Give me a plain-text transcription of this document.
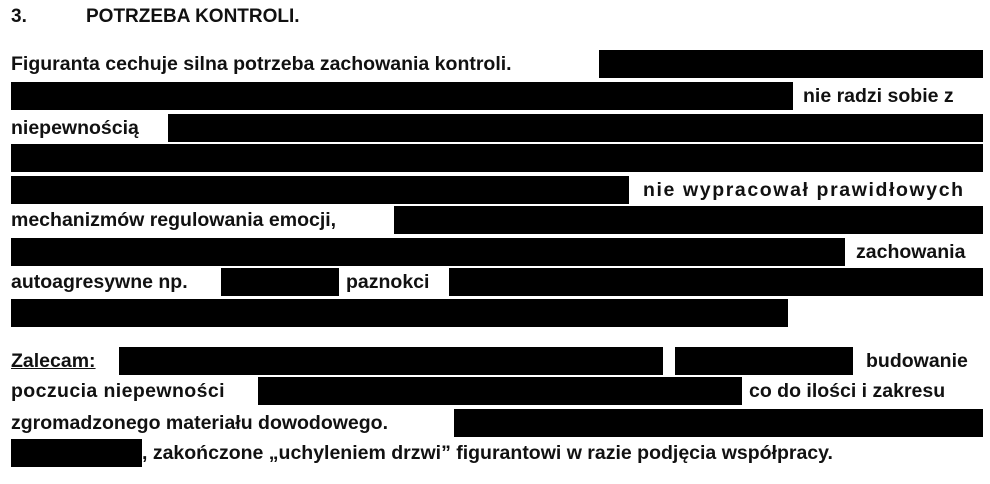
3.	POTRZEBA KONTROLI.
Figuranta cechuje silna potrzeba zachowania kontroli.
nie radzi sobie z
niepewnością
nie wypracował prawidłowych
mechanizmów regulowania emocji,
zachowania
autoagresywne np.	paznokci
Zalecam:	budowanie
poczucia niepewności	co do ilości i zakresu
zgromadzonego materiału dowodowego.
, zakończone „uchyleniem drzwi” figurantowi w razie podjęcia współpracy.
